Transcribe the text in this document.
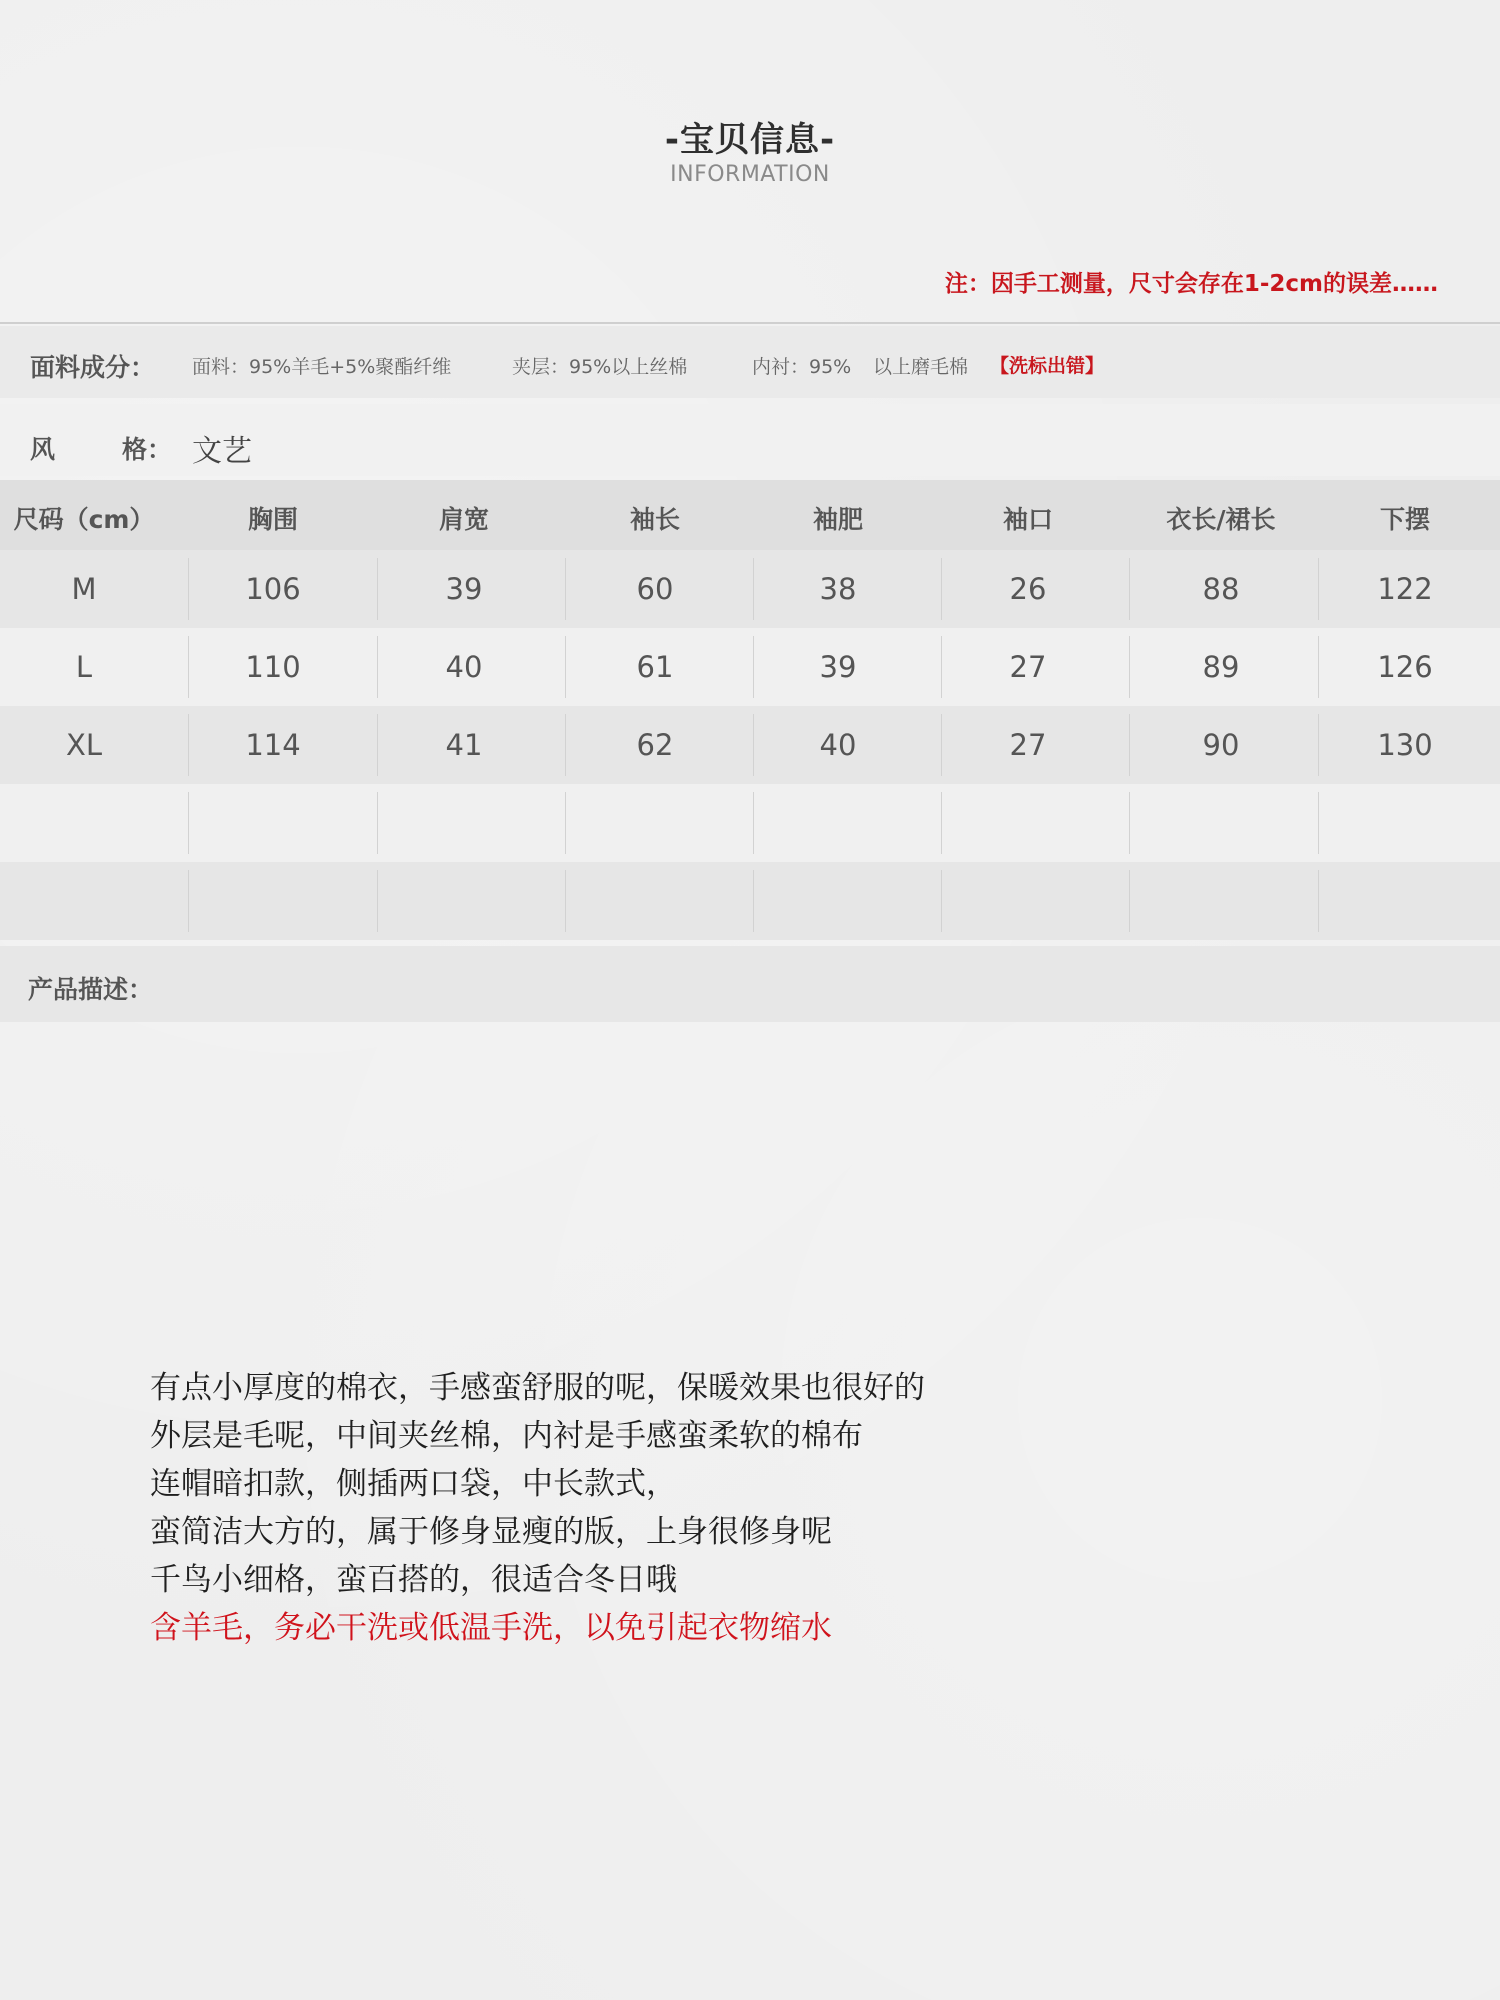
-宝贝信息-
INFORMATION
注：因手工测量，尺寸会存在1-2cm的误差……
面料成分： 面料：95%羊毛+5%聚酯纤维	夹层：95%以上丝棉	内衬：95% 以上磨毛棉 【洗标出错】
风	格： 文艺
尺码（cm）	胸围	肩宽	袖长	袖肥	袖口	衣长/裙长	下摆
M	106	39	60	38	26	88	122
L	110	40	61	39	27	89	126
XL	114	41	62	40	27	90	130
产品描述：
有点小厚度的棉衣，手感蛮舒服的呢，保暖效果也很好的
外层是毛呢，中间夹丝棉，内衬是手感蛮柔软的棉布
连帽暗扣款，侧插两口袋，中长款式，
蛮简洁大方的，属于修身显瘦的版，上身很修身呢
千鸟小细格，蛮百搭的，很适合冬日哦
含羊毛，务必干洗或低温手洗，以免引起衣物缩水
